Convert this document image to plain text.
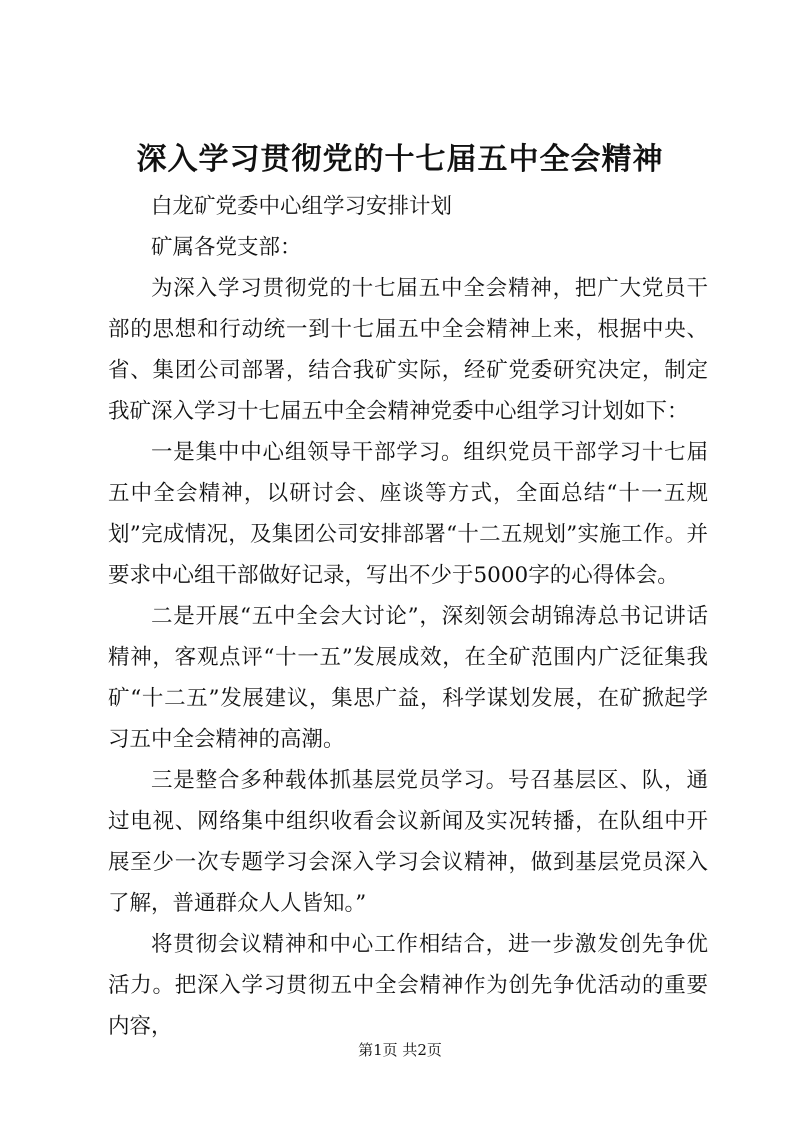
深入学习贯彻党的十七届五中全会精神

白龙矿党委中心组学习安排计划

矿属各党支部：

为深入学习贯彻党的十七届五中全会精神，把广大党员干部的思想和行动统一到十七届五中全会精神上来，根据中央、省、集团公司部署，结合我矿实际，经矿党委研究决定，制定我矿深入学习十七届五中全会精神党委中心组学习计划如下：

一是集中中心组领导干部学习。组织党员干部学习十七届五中全会精神，以研讨会、座谈等方式，全面总结“十一五规划”完成情况，及集团公司安排部署“十二五规划”实施工作。并要求中心组干部做好记录，写出不少于5000字的心得体会。

二是开展“五中全会大讨论”，深刻领会胡锦涛总书记讲话精神，客观点评“十一五”发展成效，在全矿范围内广泛征集我矿“十二五”发展建议，集思广益，科学谋划发展，在矿掀起学习五中全会精神的高潮。

三是整合多种载体抓基层党员学习。号召基层区、队，通过电视、网络集中组织收看会议新闻及实况转播，在队组中开展至少一次专题学习会深入学习会议精神，做到基层党员深入了解，普通群众人人皆知。”

将贯彻会议精神和中心工作相结合，进一步激发创先争优活力。把深入学习贯彻五中全会精神作为创先争优活动的重要内容，

第1页 共2页
